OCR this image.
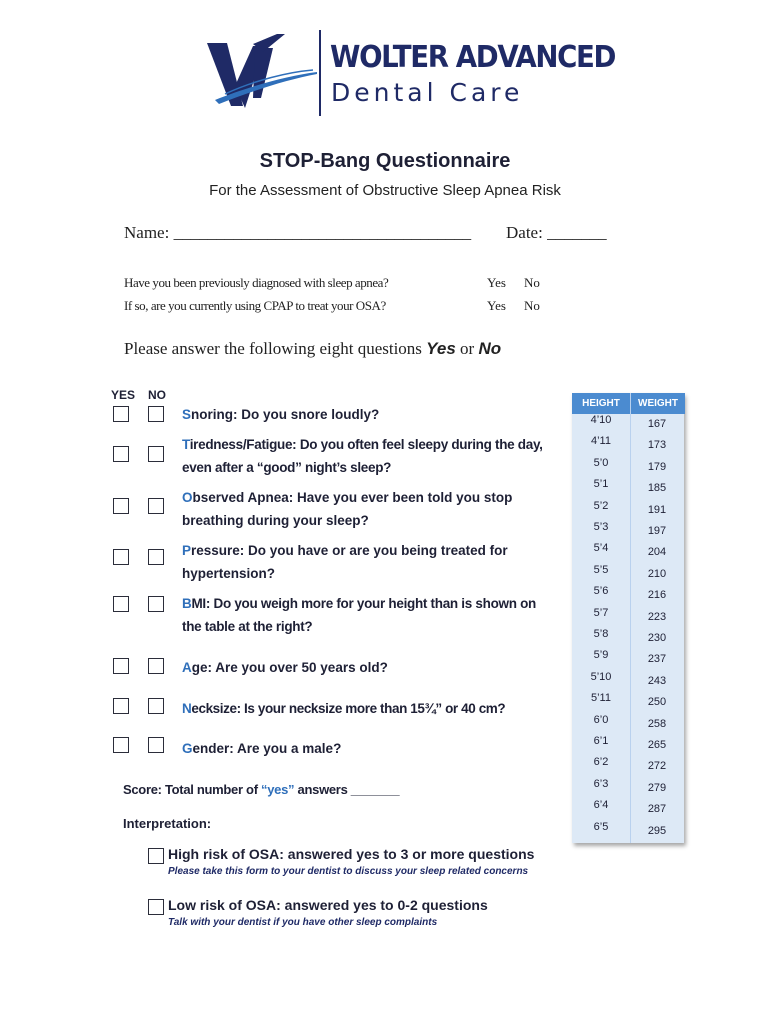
WOLTER ADVANCED
Dental Care
STOP-Bang Questionnaire
For the Assessment of Obstructive Sleep Apnea Risk
Name: ___________________________________ Date: _______
Have you been previously diagnosed with sleep apnea?	Yes No
If so, are you currently using CPAP to treat your OSA?	Yes No
Please answer the following eight questions Yes or No
YES NO
Snoring: Do you snore loudly?
Tiredness/Fatigue: Do you often feel sleepy during the day, even after a “good” night’s sleep?
Observed Apnea: Have you ever been told you stop breathing during your sleep?
Pressure: Do you have or are you being treated for hypertension?
BMI: Do you weigh more for your height than is shown on the table at the right?
Age: Are you over 50 years old?
Necksize: Is your necksize more than 15¾” or 40 cm?
Gender: Are you a male?
Score: Total number of “yes” answers _______
Interpretation:
High risk of OSA: answered yes to 3 or more questions
Please take this form to your dentist to discuss your sleep related concerns
Low risk of OSA: answered yes to 0-2 questions
Talk with your dentist if you have other sleep complaints
HEIGHT	WEIGHT
4’10	167
4’11	173
5’0	179
5’1	185
5’2	191
5’3	197
5’4	204
5’5	210
5’6	216
5’7	223
5’8	230
5’9	237
5’10	243
5’11	250
6’0	258
6’1	265
6’2	272
6’3	279
6’4	287
6’5	295
